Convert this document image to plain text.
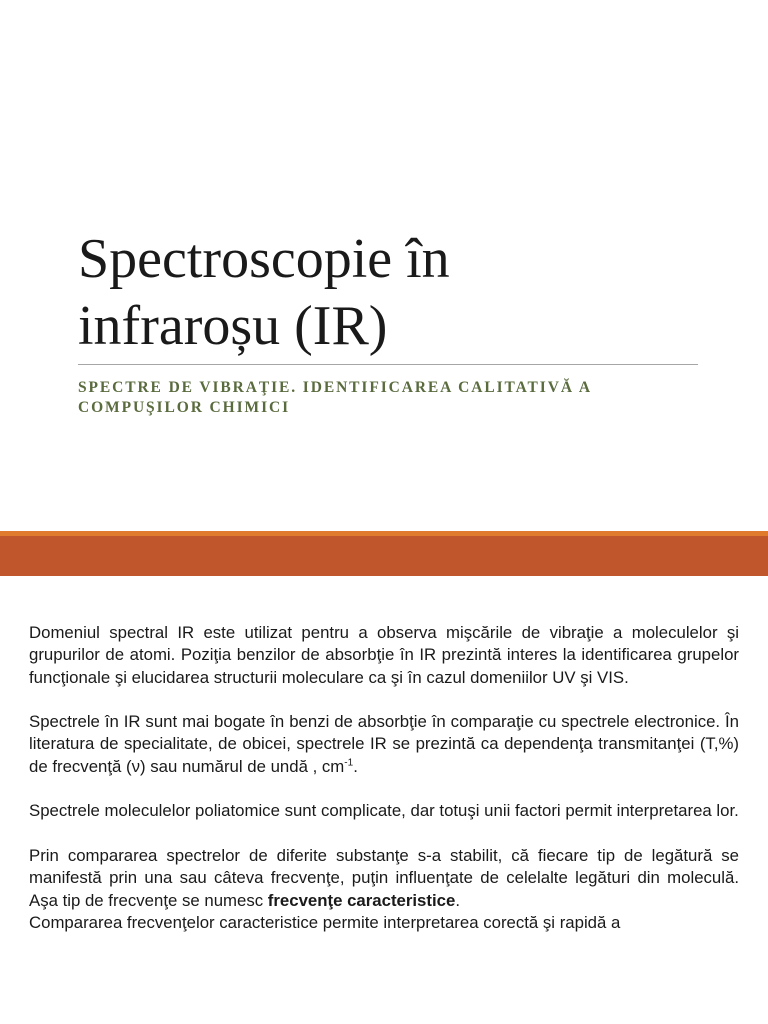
Spectroscopie în
infraroșu (IR)
SPECTRE DE VIBRAŢIE. IDENTIFICAREA CALITATIVĂ A
COMPUŞILOR CHIMICI

Domeniul spectral IR este utilizat pentru a observa mişcările de vibraţie a moleculelor şi grupurilor de atomi. Poziţia benzilor de absorbţie în IR prezintă interes la identificarea grupelor funcţionale şi elucidarea structurii moleculare ca şi în cazul domeniilor UV şi VIS.

Spectrele în IR sunt mai bogate în benzi de absorbţie în comparaţie cu spectrele electronice. În literatura de specialitate, de obicei, spectrele IR se prezintă ca dependenţa transmitanţei (T,%) de frecvenţă (ν) sau numărul de undă , $cm^{-1}$.

Spectrele moleculelor poliatomice sunt complicate, dar totuşi unii factori permit interpretarea lor.

Prin compararea spectrelor de diferite substanţe s-a stabilit, că fiecare tip de legătură se manifestă prin una sau câteva frecvenţe, puţin influenţate de celelalte legături din moleculă. Aşa tip de frecvenţe se numesc frecvenţe caracteristice.

Compararea frecvenţelor caracteristice permite interpretarea corectă şi rapidă a
